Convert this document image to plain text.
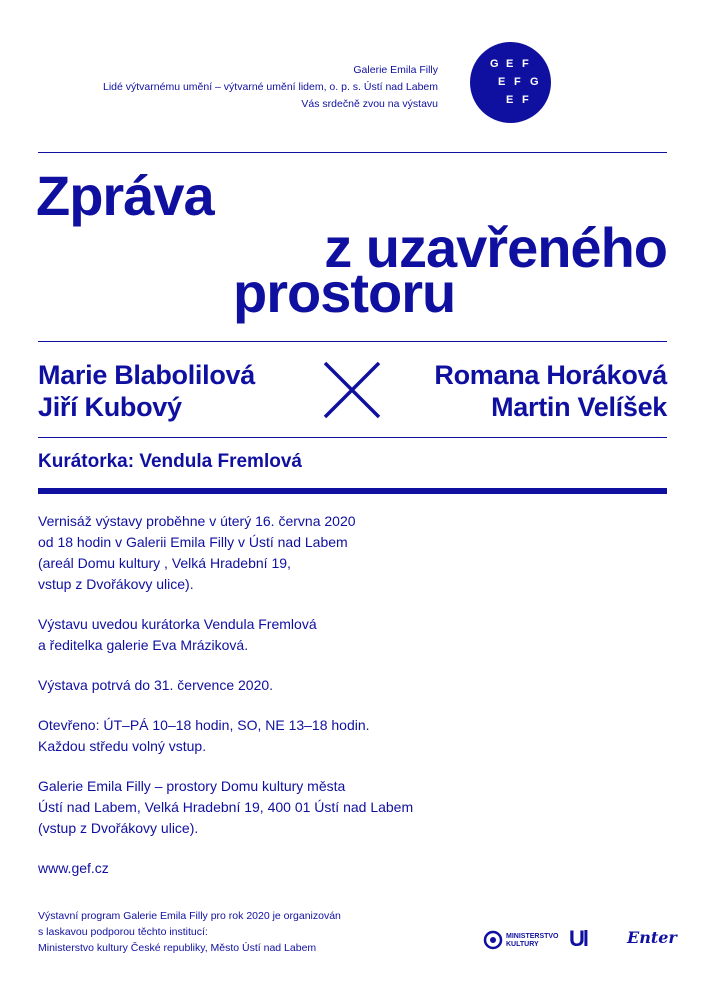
Galerie Emila Filly
Lidé výtvarnému umění – výtvarné umění lidem, o. p. s. Ústí nad Labem
Vás srdečně zvou na výstavu
G E F
E F G
E F
Zpráva
z uzavřeného
prostoru
Marie Blabolilová
Jiří Kubový
Romana Horáková
Martin Velíšek
Kurátorka: Vendula Fremlová

Vernisáž výstavy proběhne v úterý 16. června 2020
od 18 hodin v Galerii Emila Filly v Ústí nad Labem
(areál Domu kultury , Velká Hradební 19,
vstup z Dvořákovy ulice).

Výstavu uvedou kurátorka Vendula Fremlová
a ředitelka galerie Eva Mráziková.

Výstava potrvá do 31. července 2020.

Otevřeno: ÚT–PÁ 10–18 hodin, SO, NE 13–18 hodin.
Každou středu volný vstup.

Galerie Emila Filly – prostory Domu kultury města
Ústí nad Labem, Velká Hradební 19, 400 01 Ústí nad Labem
(vstup z Dvořákovy ulice).

www.gef.cz

Výstavní program Galerie Emila Filly pro rok 2020 je organizován
s laskavou podporou těchto institucí:
Ministerstvo kultury České republiky, Město Ústí nad Labem
MINISTERSTVO
KULTURY	Ul	Enter
